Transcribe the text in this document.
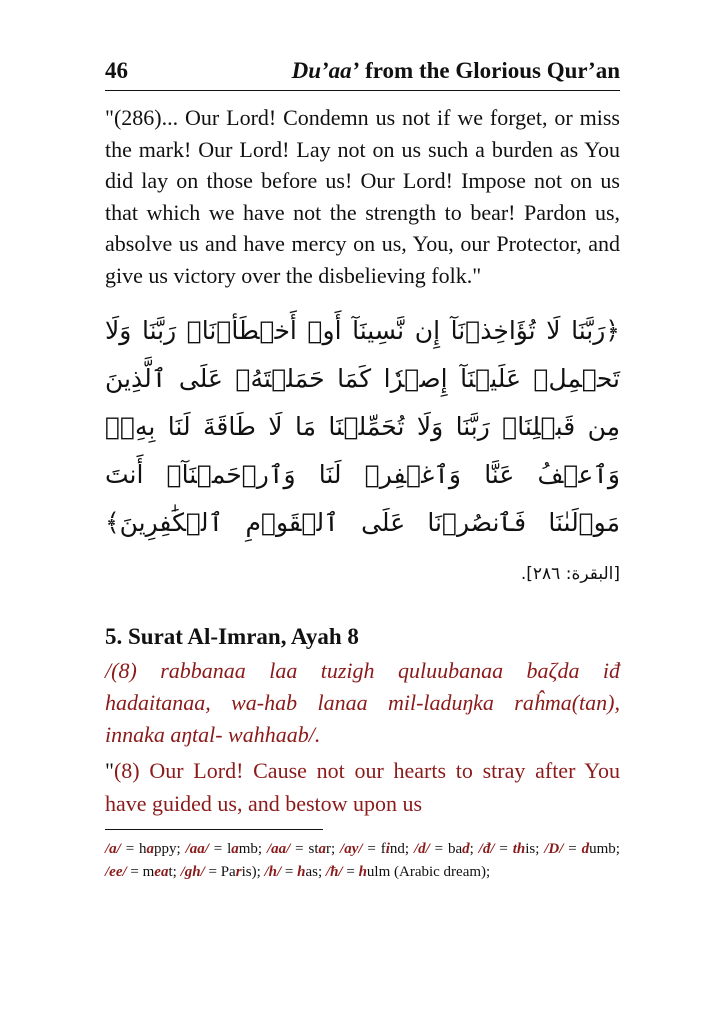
46	Du’aa’ from the Glorious Qur’an

"(286)... Our Lord! Condemn us not if we forget, or miss the mark! Our Lord! Lay not on us such a burden as You did lay on those before us! Our Lord! Impose not on us that which we have not the strength to bear! Pardon us, absolve us and have mercy on us, You, our Protector, and give us victory over the disbelieving folk."

﴿رَبَّنَا لَا تُؤَاخِذۡنَآ إِن نَّسِينَآ أَوۡ أَخۡطَأۡنَاۚ رَبَّنَا وَلَا تَحۡمِلۡ عَلَيۡنَآ إِصۡرٗا كَمَا حَمَلۡتَهُۥ عَلَى ٱلَّذِينَ مِن قَبۡلِنَاۚ رَبَّنَا وَلَا تُحَمِّلۡنَا مَا لَا طَاقَةَ لَنَا بِهِۦۖ وَٱعۡفُ عَنَّا وَٱغۡفِرۡ لَنَا وَٱرۡحَمۡنَآۚ أَنتَ مَوۡلَىٰنَا فَٱنصُرۡنَا عَلَى ٱلۡقَوۡمِ ٱلۡكَٰفِرِينَ﴾ [البقرة: ٢٨٦].
5. Surat Al-Imran, Ayah 8
/(8) rabbanaa laa tuzigh quluubanaa baζda iđ hadaitanaa, wa-hab lanaa mil-laduŋka raĥma(tan), innaka aŋtal- wahhaab/.
"(8) Our Lord! Cause not our hearts to stray after You have guided us, and bestow upon us
/a/ = happy; /aa/ = lamb; /aa/ = star; /ay/ = find; /d/ = bad; /đ/ = this; /D/ = dumb; /ee/ = meat; /gh/ = Paris); /h/ = has; /ħ/ = hulm (Arabic dream);
